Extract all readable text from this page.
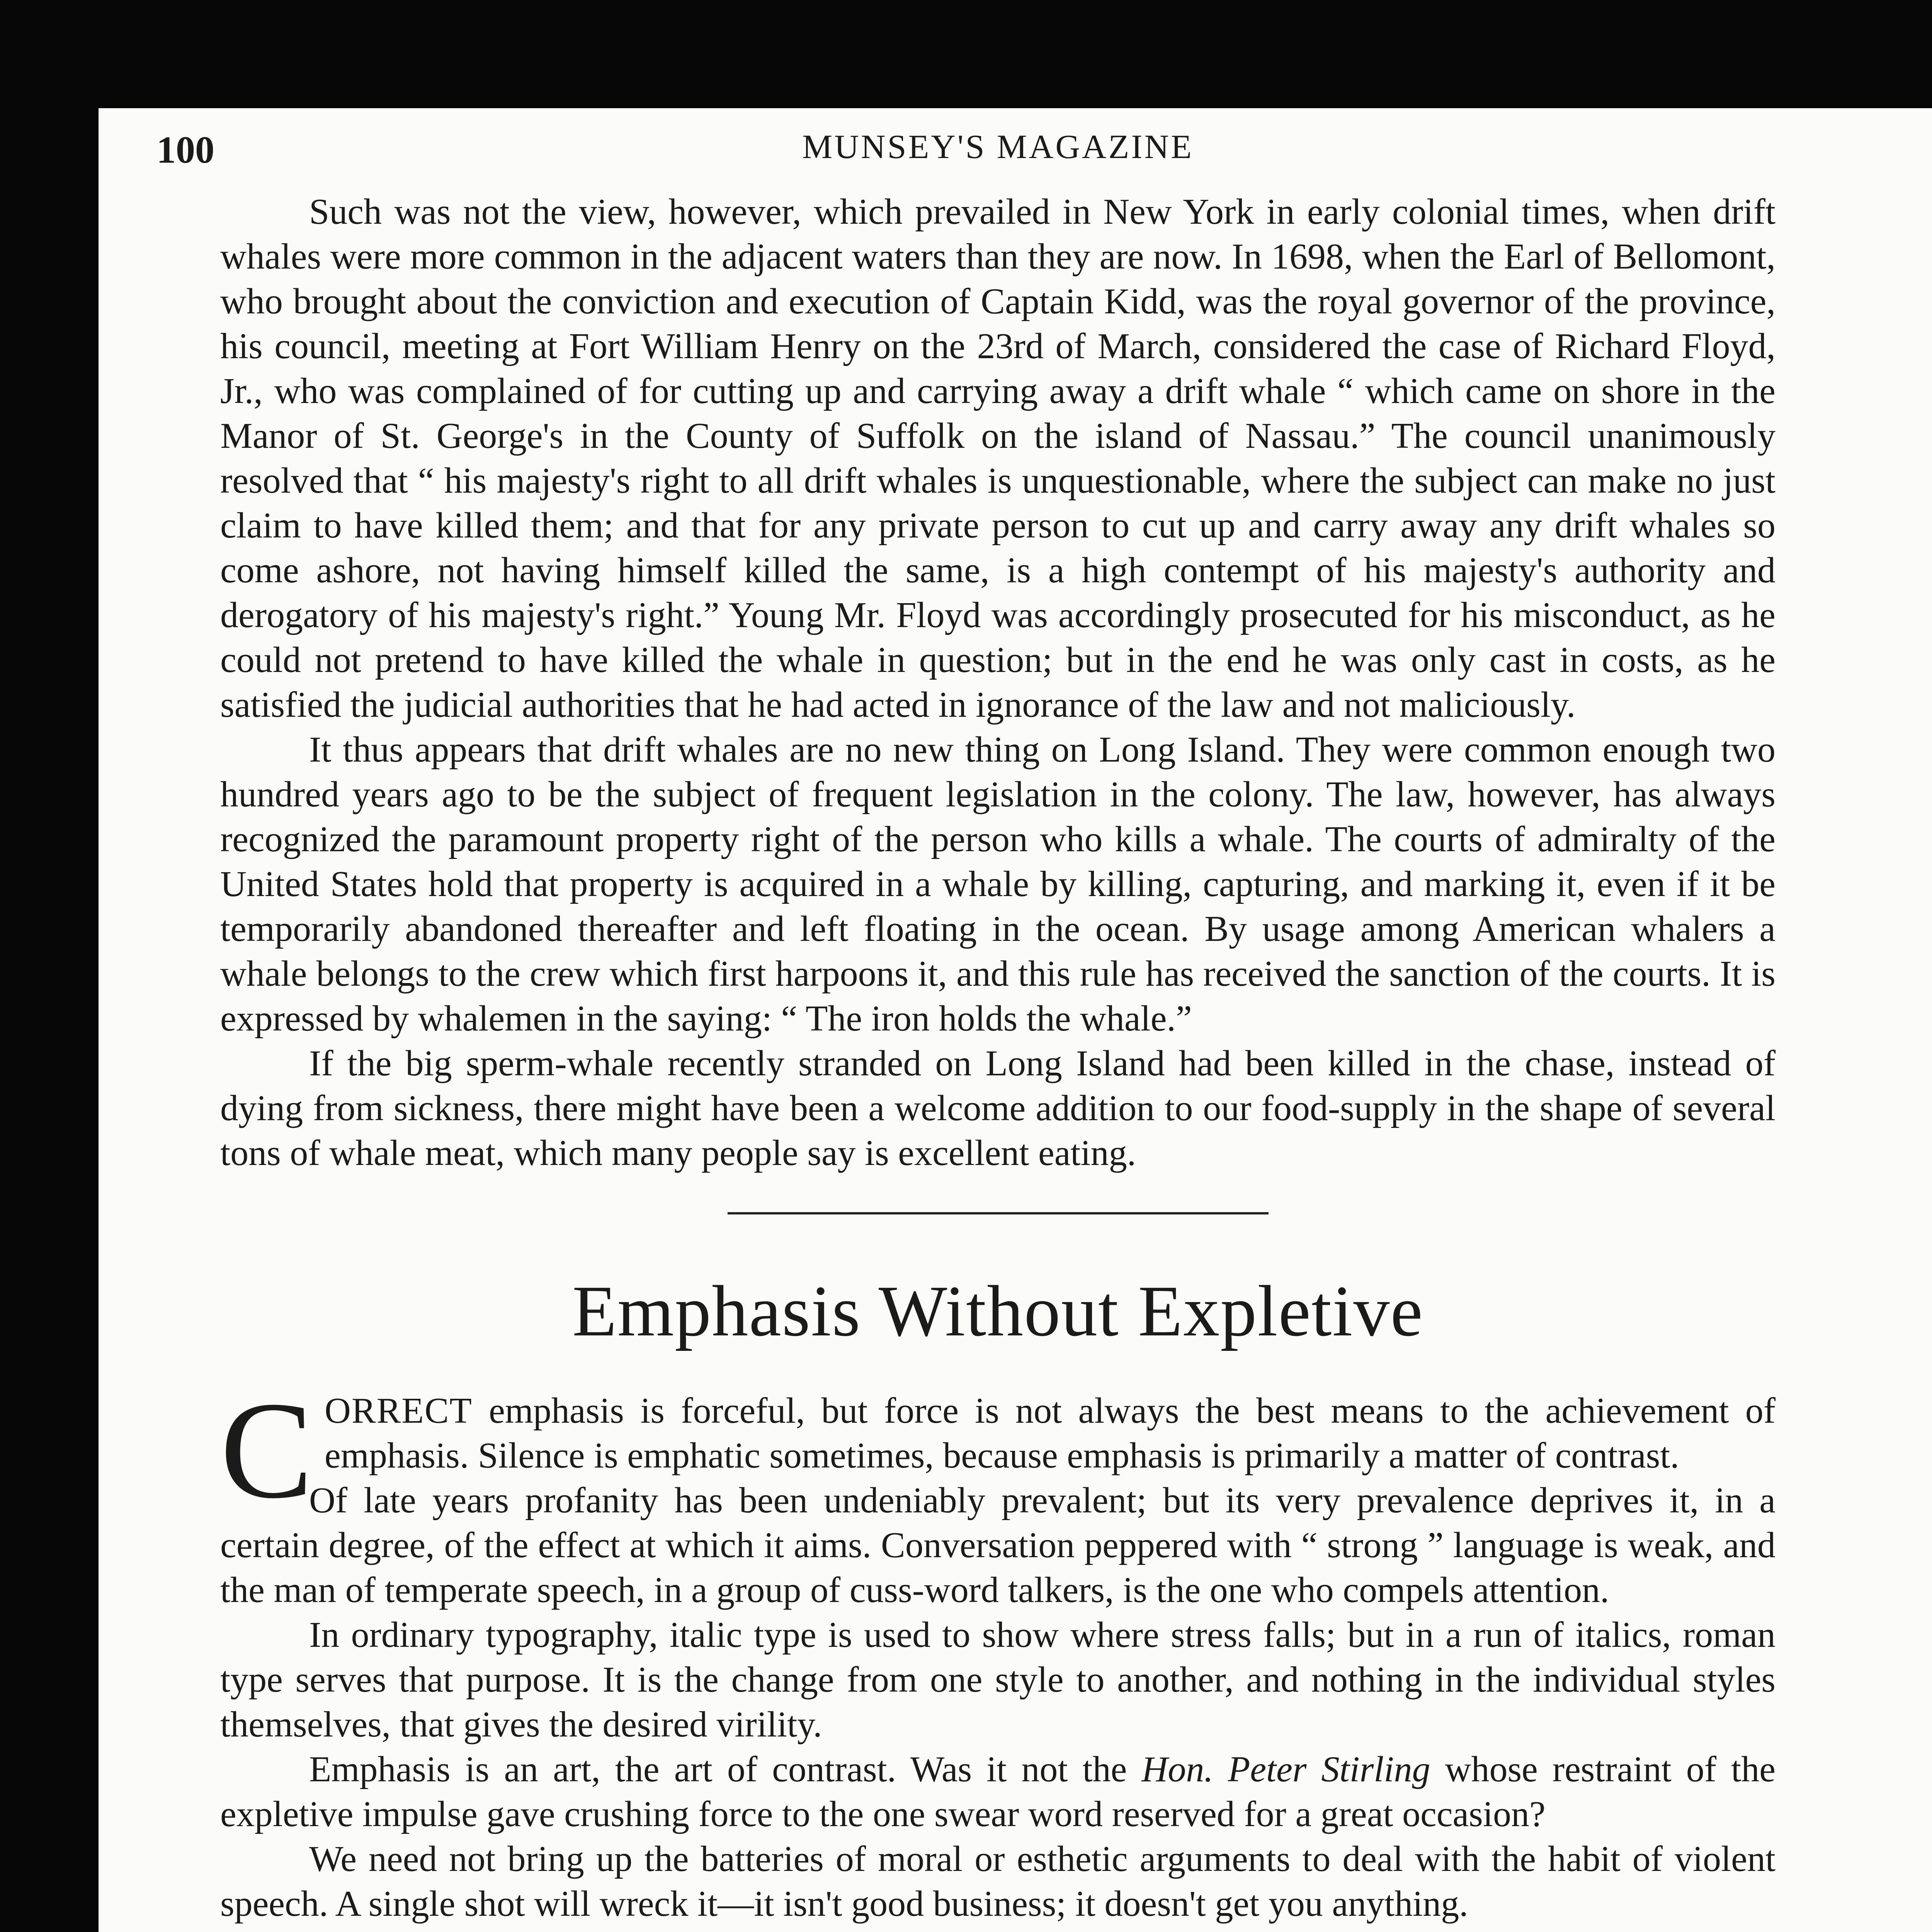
100	MUNSEY'S MAGAZINE

Such was not the view, however, which prevailed in New York in early colonial times, when drift whales were more common in the adjacent waters than they are now. In 1698, when the Earl of Bellomont, who brought about the conviction and execution of Captain Kidd, was the royal governor of the province, his council, meeting at Fort William Henry on the 23rd of March, considered the case of Richard Floyd, Jr., who was complained of for cutting up and carrying away a drift whale “ which came on shore in the Manor of St. George's in the County of Suffolk on the island of Nassau.” The council unanimously resolved that “ his majesty's right to all drift whales is unquestionable, where the subject can make no just claim to have killed them; and that for any private person to cut up and carry away any drift whales so come ashore, not having himself killed the same, is a high contempt of his majesty's authority and derogatory of his majesty's right.” Young Mr. Floyd was accordingly prosecuted for his misconduct, as he could not pretend to have killed the whale in question; but in the end he was only cast in costs, as he satisfied the judicial authorities that he had acted in ignorance of the law and not maliciously.

It thus appears that drift whales are no new thing on Long Island. They were common enough two hundred years ago to be the subject of frequent legislation in the colony. The law, however, has always recognized the paramount property right of the person who kills a whale. The courts of admiralty of the United States hold that property is acquired in a whale by killing, capturing, and marking it, even if it be temporarily abandoned thereafter and left floating in the ocean. By usage among American whalers a whale belongs to the crew which first harpoons it, and this rule has received the sanction of the courts. It is expressed by whalemen in the saying: “ The iron holds the whale.”

If the big sperm-whale recently stranded on Long Island had been killed in the chase, instead of dying from sickness, there might have been a welcome addition to our food-supply in the shape of several tons of whale meat, which many people say is excellent eating.

Emphasis Without Expletive

C ORRECT emphasis is forceful, but force is not always the best means to the achievement of emphasis. Silence is emphatic sometimes, because emphasis is primarily a matter of contrast.

Of late years profanity has been undeniably prevalent; but its very prevalence deprives it, in a certain degree, of the effect at which it aims. Conversation peppered with “ strong ” language is weak, and the man of temperate speech, in a group of cuss-word talkers, is the one who compels attention.

In ordinary typography, italic type is used to show where stress falls; but in a run of italics, roman type serves that purpose. It is the change from one style to another, and nothing in the individual styles themselves, that gives the desired virility.

Emphasis is an art, the art of contrast. Was it not the Hon. Peter Stirling whose restraint of the expletive impulse gave crushing force to the one swear word reserved for a great occasion?

We need not bring up the batteries of moral or esthetic arguments to deal with the habit of violent speech. A single shot will wreck it—it isn't good business; it doesn't get you anything.
